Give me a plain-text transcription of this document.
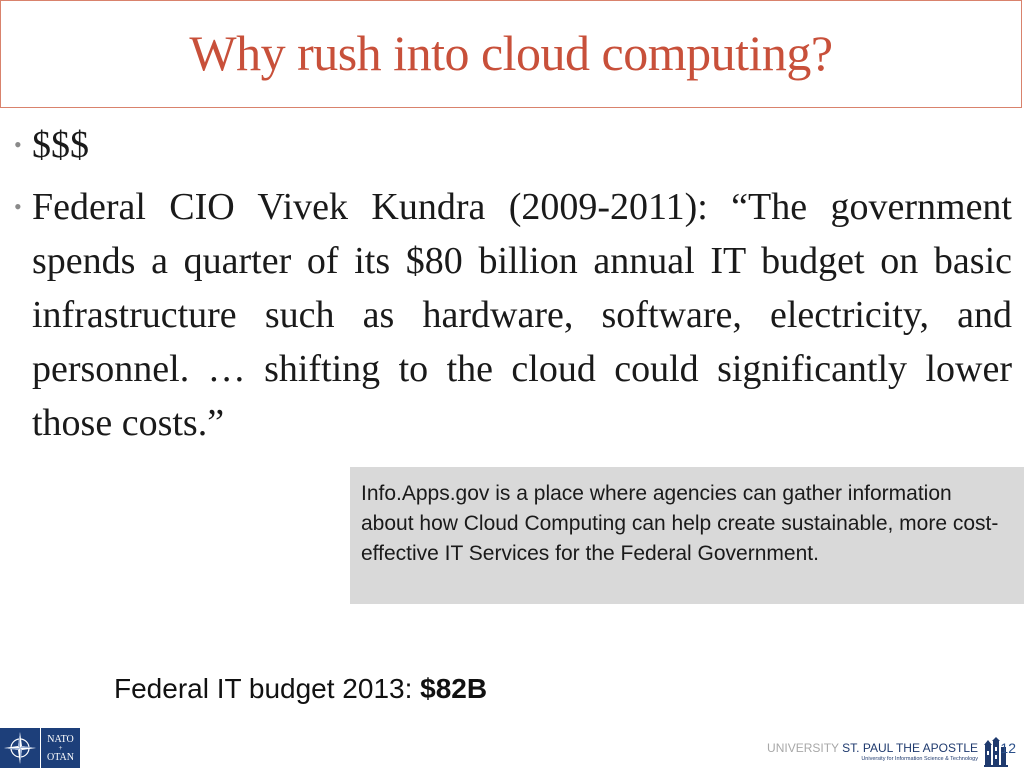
Why rush into cloud computing?
• $$$
• Federal CIO Vivek Kundra (2009-2011): “The government spends a quarter of its $80 billion annual IT budget on basic infrastructure such as hardware, software, electricity, and personnel. … shifting to the cloud could significantly lower those costs.”
Info.Apps.gov is a place where agencies can gather information about how Cloud Computing can help create sustainable, more cost-effective IT Services for the Federal Government.
Federal IT budget 2013: $82B
NATO
+
OTAN
UNIVERSITY ST. PAUL THE APOSTLE
University for Information Science & Technology
12
